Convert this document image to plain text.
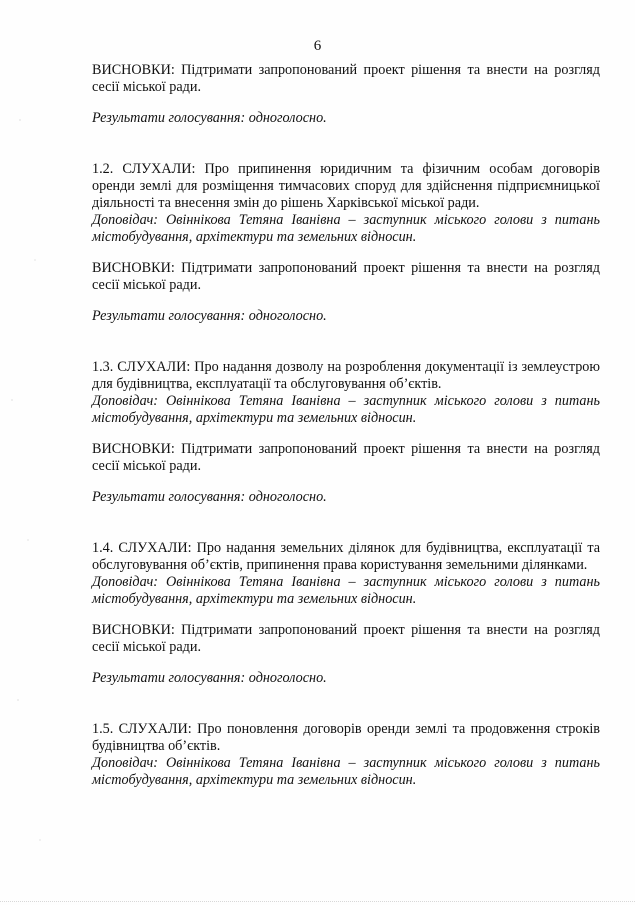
6

ВИСНОВКИ: Підтримати запропонований проект рішення та внести на розгляд сесії міської ради.

Результати голосування: одноголосно.

1.2. СЛУХАЛИ: Про припинення юридичним та фізичним особам договорів оренди землі для розміщення тимчасових споруд для здійснення підприємницької діяльності та внесення змін до рішень Харківської міської ради.

Доповідач: Овіннікова Тетяна Іванівна – заступник міського голови з питань містобудування, архітектури та земельних відносин.

ВИСНОВКИ: Підтримати запропонований проект рішення та внести на розгляд сесії міської ради.

Результати голосування: одноголосно.

1.3. СЛУХАЛИ: Про надання дозволу на розроблення документації із землеустрою для будівництва, експлуатації та обслуговування об’єктів.

Доповідач: Овіннікова Тетяна Іванівна – заступник міського голови з питань містобудування, архітектури та земельних відносин.

ВИСНОВКИ: Підтримати запропонований проект рішення та внести на розгляд сесії міської ради.

Результати голосування: одноголосно.

1.4. СЛУХАЛИ: Про надання земельних ділянок для будівництва, експлуатації та обслуговування об’єктів, припинення права користування земельними ділянками.

Доповідач: Овіннікова Тетяна Іванівна – заступник міського голови з питань містобудування, архітектури та земельних відносин.

ВИСНОВКИ: Підтримати запропонований проект рішення та внести на розгляд сесії міської ради.

Результати голосування: одноголосно.

1.5. СЛУХАЛИ: Про поновлення договорів оренди землі та продовження строків будівництва об’єктів.

Доповідач: Овіннікова Тетяна Іванівна – заступник міського голови з питань містобудування, архітектури та земельних відносин.
